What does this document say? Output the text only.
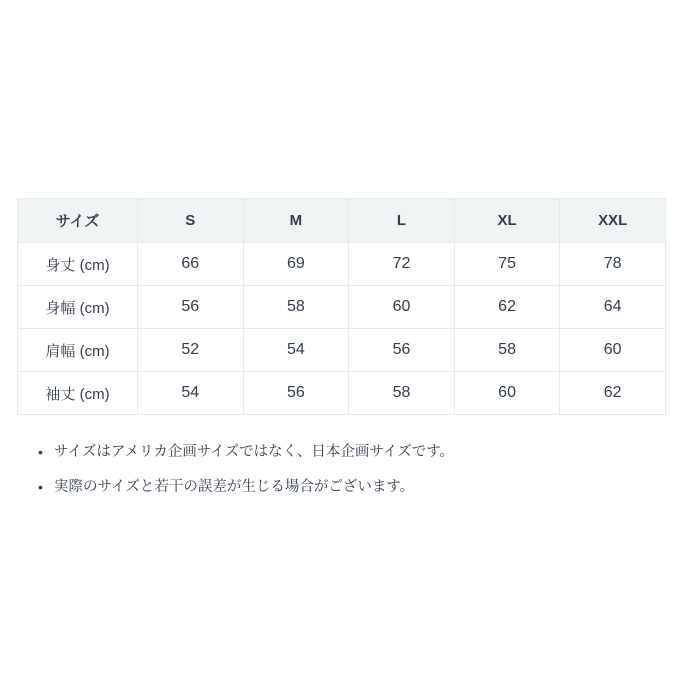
サイズ	S	M	L	XL	XXL
身丈 (cm)	66	69	72	75	78
身幅 (cm)	56	58	60	62	64
肩幅 (cm)	52	54	56	58	60
袖丈 (cm)	54	56	58	60	62
• サイズはアメリカ企画サイズではなく、日本企画サイズです。
• 実際のサイズと若干の誤差が生じる場合がございます。
